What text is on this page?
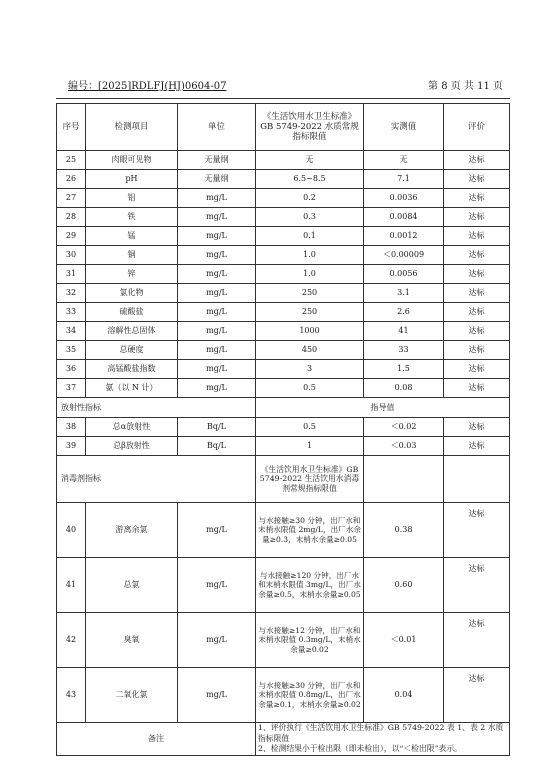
编号：[2025]RDLFJ(HJ)0604-07	第 8 页 共 11 页
序号	检测项目	单位	《生活饮用水卫生标准》GB 5749-2022 水质常规指标限值	实测值	评价
25	肉眼可见物	无量纲	无	无	达标
26	pH	无量纲	6.5~8.5	7.1	达标
27	铝	mg/L	0.2	0.0036	达标
28	铁	mg/L	0.3	0.0084	达标
29	锰	mg/L	0.1	0.0012	达标
30	铜	mg/L	1.0	＜0.00009	达标
31	锌	mg/L	1.0	0.0056	达标
32	氯化物	mg/L	250	3.1	达标
33	硫酸盐	mg/L	250	2.6	达标
34	溶解性总固体	mg/L	1000	41	达标
35	总硬度	mg/L	450	33	达标
36	高锰酸盐指数	mg/L	3	1.5	达标
37	氨（以 N 计）	mg/L	0.5	0.08	达标
放射性指标			指导值		
38	总α放射性	Bq/L	0.5	＜0.02	达标
39	总β放射性	Bq/L	1	＜0.03	达标
消毒剂指标			《生活饮用水卫生标准》GB 5749-2022 生活饮用水消毒剂常规指标限值		
40	游离余氯	mg/L	与水接触≥30 分钟，出厂水和末梢水限值 2mg/L，出厂水余量≥0.3，末梢水余量≥0.05	0.38	达标
41	总氯	mg/L	与水接触≥120 分钟，出厂水和末梢水限值 3mg/L，出厂水余量≥0.5，末梢水余量≥0.05	0.60	达标
42	臭氧	mg/L	与水接触≥12 分钟，出厂水和末梢水限值 0.3mg/L，末梢水余量≥0.02	＜0.01	达标
43	二氧化氯	mg/L	与水接触≥30 分钟，出厂水和末梢水限值 0.8mg/L，出厂水余量≥0.1，末梢水余量≥0.02	0.04	达标
备注			1、评价执行《生活饮用水卫生标准》GB 5749-2022 表 1、表 2 水质指标限值
2、检测结果小于检出限（即未检出），以“＜检出限”表示。		
